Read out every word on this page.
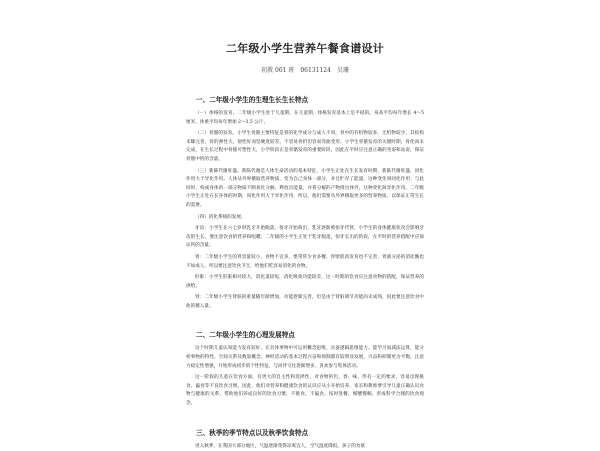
二年级小学生营养午餐食谱设计
初教 061 班　06131124　吴珊
一、二年级小学生的生理生长生长特点

（一）体格的发育。二年级小学生处于儿童期。在儿童期，体格发育基本上是平稳的。身高平均每年增长 4～5 厘米，体重平均每年增加 2～3.5 公斤。

（二）骨骼的发育。小学生骨骼主要特征是骨的化学成分与成人不同，骨中的有机物较多，无机物较少，其结构未臻完善，骨的弹性大、韧性好而坚硬度较差，不容易骨折但容易弯曲变形。小学生骨骼发育的关键时期，骨化尚未完成，在生长过程中骨骼可塑性大，小学阶段正是骨骼发育的重要阶段，因此在平时应注意正确的坐姿和站姿，保证骨骼中钙的含量。

（三）新陈代谢旺盛。新陈代谢是人体生命活动的基本特征，小学生正处在生长发育时期，新陈代谢旺盛，同化作用大于异化作用。人体从外界摄取营养物质，变为自己身体一部分，并且贮存了能量，这种变化叫同化作用；与此同时，构成身体的一部分物质不断氧化分解，释放出能量，并将分解的产物排出体外，这种变化叫异化作用。二年级小学生正处在长身体的时期，同化作用大于异化作用，所以，他们需要从外界摄取更多的营养物质，以保证正常生长的需要。

（四）消化系统的发展。

牙齿：小学生在六七岁时乳牙开始脱落，恒牙开始萌出，乳牙逐渐被恒牙代替，小学生的身体健康状况会影响牙齿的生长。要注意饮食的营养和咀嚼，二年级的小学生正处于乳牙脱落，恒牙长出的阶段，在平时的营养搭配中应保证钙的含量。

胃：二年级小学生的胃容量较小，食物不宜多，要常常少食多餐，胃壁肌肉发育也不完善，胃液分泌的消化酶也不如成人，所以要注意饮食卫生，给他们吃容易消化的食物。

肝脏：小学生肝脏相对较大，消化道较短，消化吸收功能较差，这一时期的饮食应注意食物的搭配，保证营养的供给。

肾：二年级小学生肾脏的重量随年龄增加，功能逐渐完善，但是由于肾脏调节功能尚未成熟，因此要注意饮食中盐的摄入量。

二、二年级小学生的心理发展特点

这个时期儿童认知能力发育较好，在具体事物中可运用概念思维，具备逻辑思维能力。能学习加减法运算，能分析事物的特性、空间关系及数量概念，神经活动的基本过程兴奋和抑制都有较明显发展，兴奋和抑制更为平衡，注意力稳定性增强，开始形成初步的个性特征，与同伴交往逐渐增多，喜欢参与集体活动。

这一阶段的儿童在饮食方面，有更大的自主性和选择性，对食物的色、香、味、形有一定的要求，容易出现挑食、偏食等不良饮食习惯。因此，他们对营养和健康饮食的认识应从小开始培养，家长和教师要引导儿童正确认识食物与健康的关系，帮助他们养成良好的饮食习惯，不挑食、不偏食，按时进餐，细嚼慢咽，形成科学合理的饮食观念。

三、秋季的季节特点以及秋季饮食特点

进入秋季，在我国大部分地区，气温逐渐变得凉爽宜人，空气湿度降低，孩子的食欲
